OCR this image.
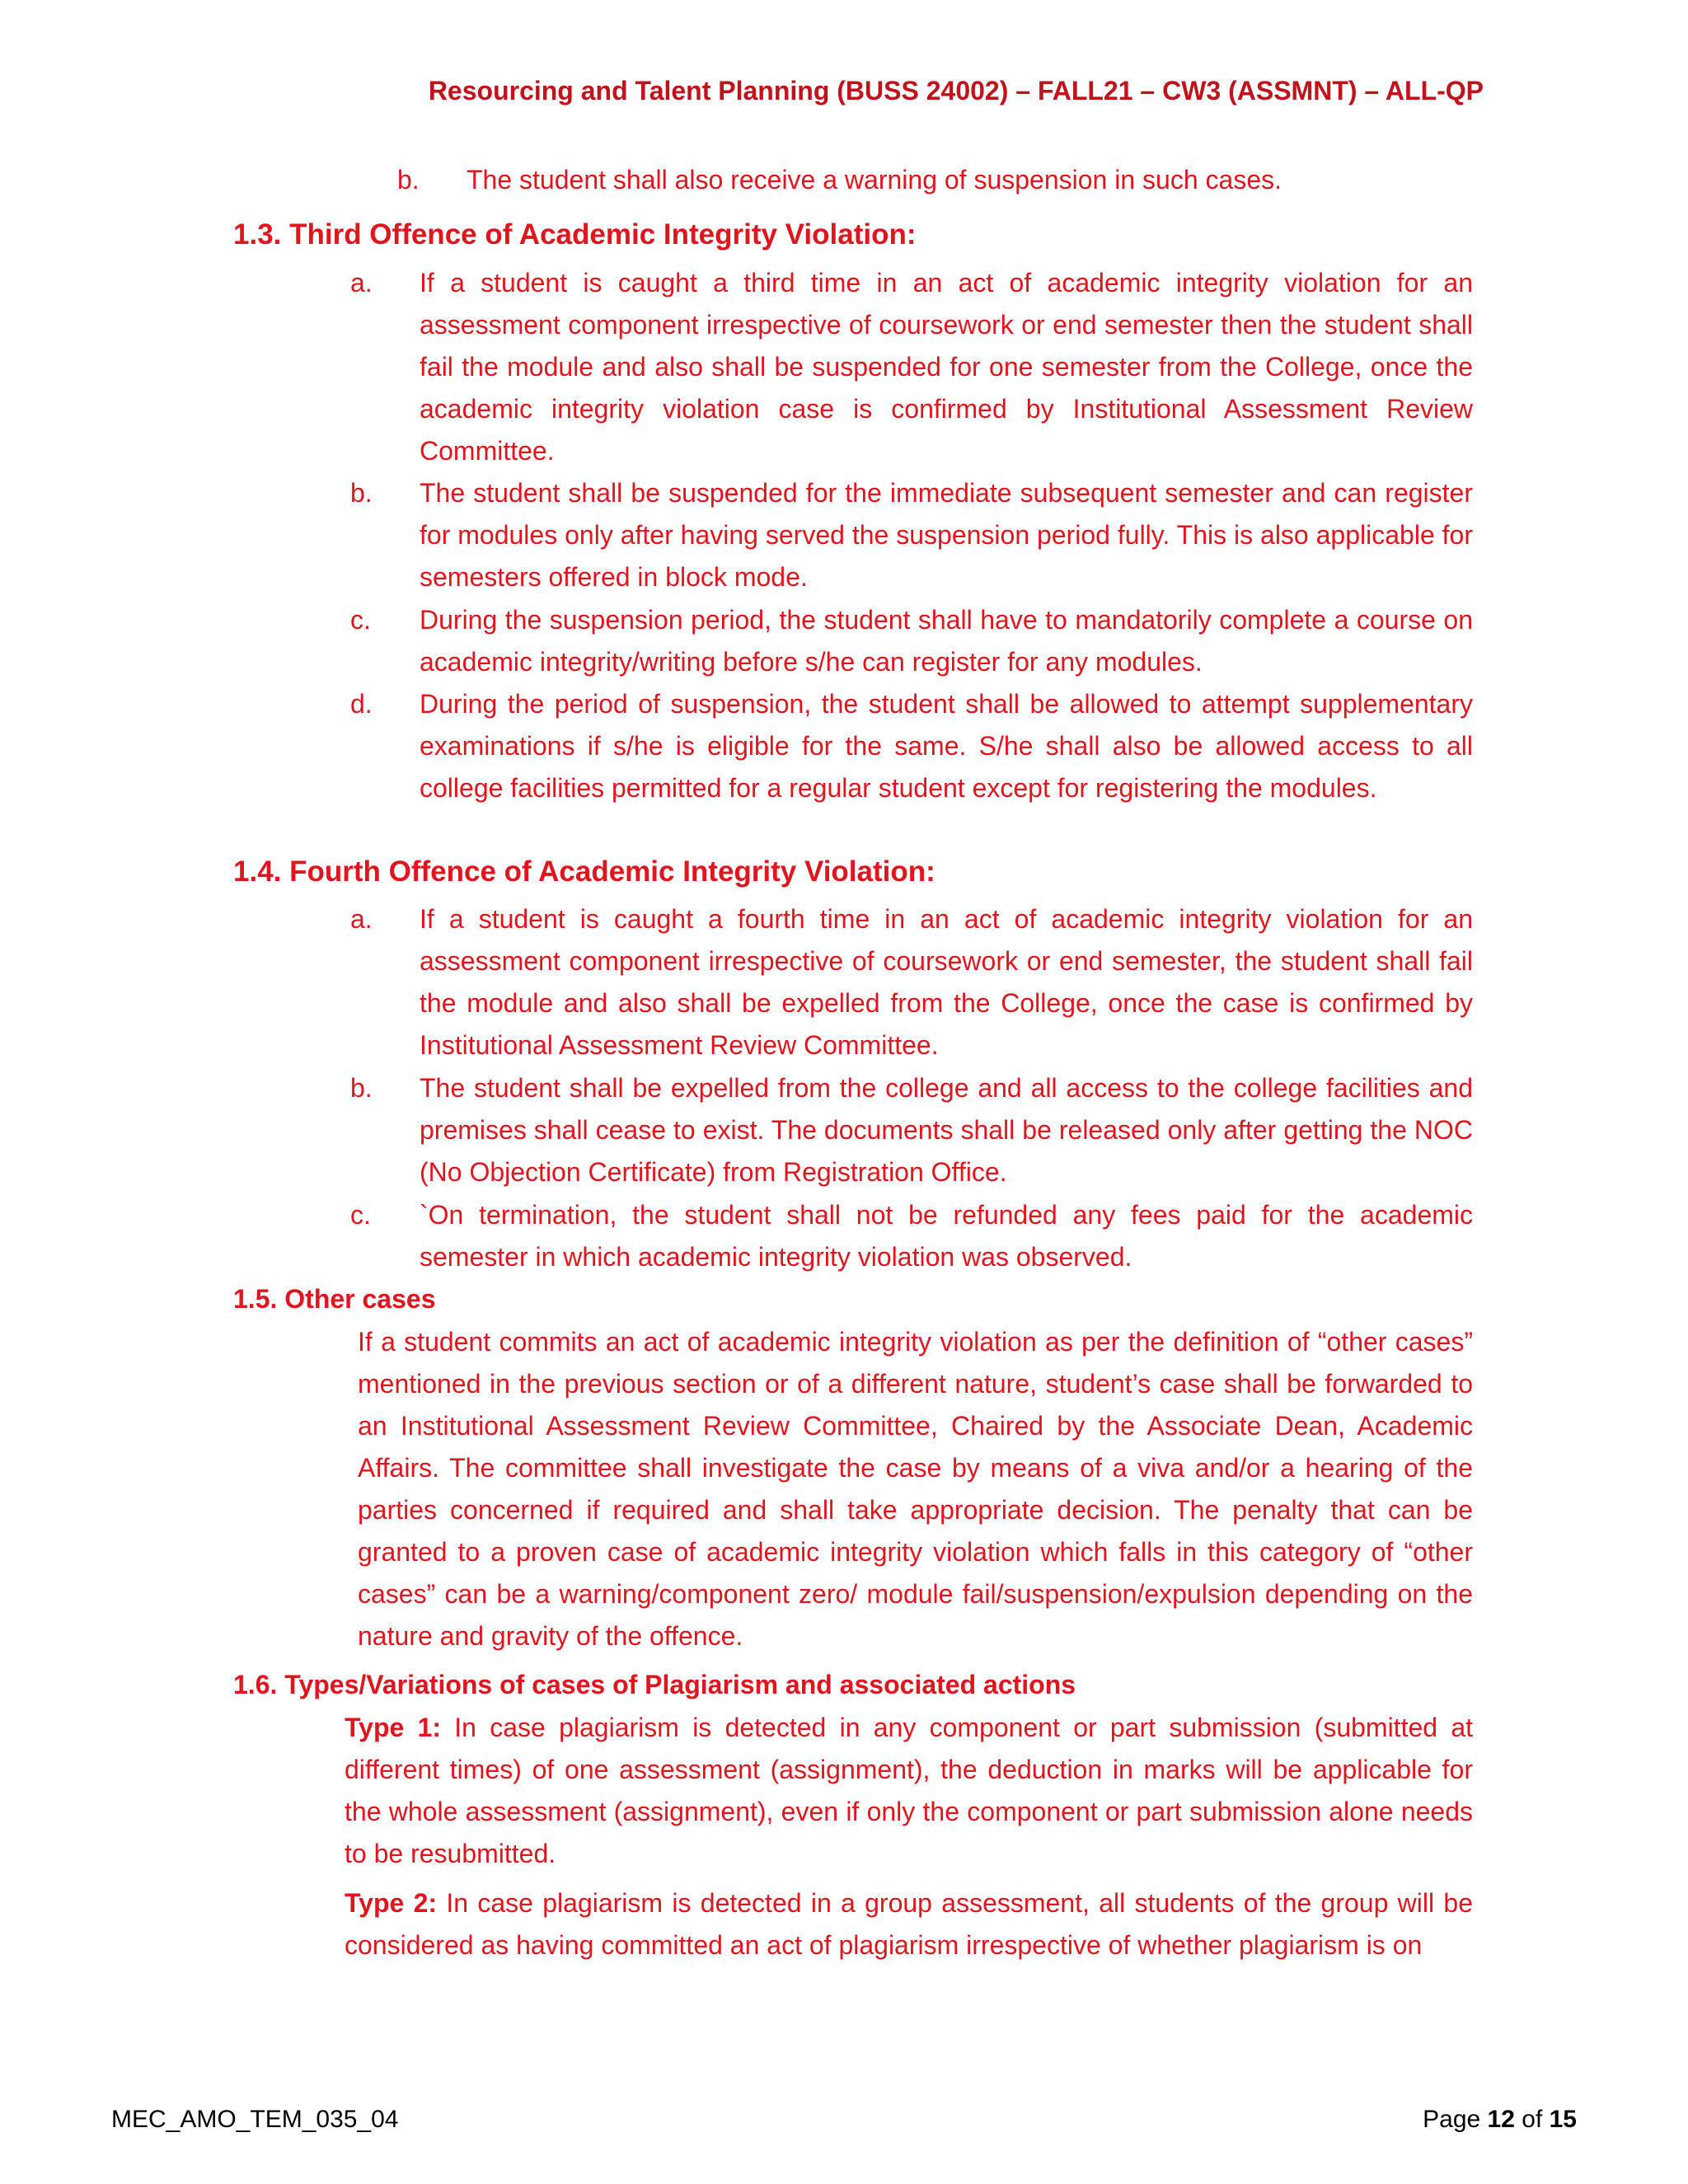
Resourcing and Talent Planning (BUSS 24002) – FALL21 – CW3 (ASSMNT) – ALL-QP
b.	The student shall also receive a warning of suspension in such cases.
1.3. Third Offence of Academic Integrity Violation:
a.	If a student is caught a third time in an act of academic integrity violation for an assessment component irrespective of coursework or end semester then the student shall fail the module and also shall be suspended for one semester from the College, once the academic integrity violation case is confirmed by Institutional Assessment Review Committee.
b.	The student shall be suspended for the immediate subsequent semester and can register for modules only after having served the suspension period fully. This is also applicable for semesters offered in block mode.
c.	During the suspension period, the student shall have to mandatorily complete a course on academic integrity/writing before s/he can register for any modules.
d.	During the period of suspension, the student shall be allowed to attempt supplementary examinations if s/he is eligible for the same. S/he shall also be allowed access to all college facilities permitted for a regular student except for registering the modules.
1.4. Fourth Offence of Academic Integrity Violation:
a.	If a student is caught a fourth time in an act of academic integrity violation for an assessment component irrespective of coursework or end semester, the student shall fail the module and also shall be expelled from the College, once the case is confirmed by Institutional Assessment Review Committee.
b.	The student shall be expelled from the college and all access to the college facilities and premises shall cease to exist. The documents shall be released only after getting the NOC (No Objection Certificate) from Registration Office.
c.	`On termination, the student shall not be refunded any fees paid for the academic semester in which academic integrity violation was observed.
1.5. Other cases
If a student commits an act of academic integrity violation as per the definition of “other cases” mentioned in the previous section or of a different nature, student’s case shall be forwarded to an Institutional Assessment Review Committee, Chaired by the Associate Dean, Academic Affairs. The committee shall investigate the case by means of a viva and/or a hearing of the parties concerned if required and shall take appropriate decision. The penalty that can be granted to a proven case of academic integrity violation which falls in this category of “other cases” can be a warning/component zero/ module fail/suspension/expulsion depending on the nature and gravity of the offence.
1.6. Types/Variations of cases of Plagiarism and associated actions
Type 1: In case plagiarism is detected in any component or part submission (submitted at different times) of one assessment (assignment), the deduction in marks will be applicable for the whole assessment (assignment), even if only the component or part submission alone needs to be resubmitted.
Type 2: In case plagiarism is detected in a group assessment, all students of the group will be considered as having committed an act of plagiarism irrespective of whether plagiarism is on
MEC_AMO_TEM_035_04	Page 12 of 15
